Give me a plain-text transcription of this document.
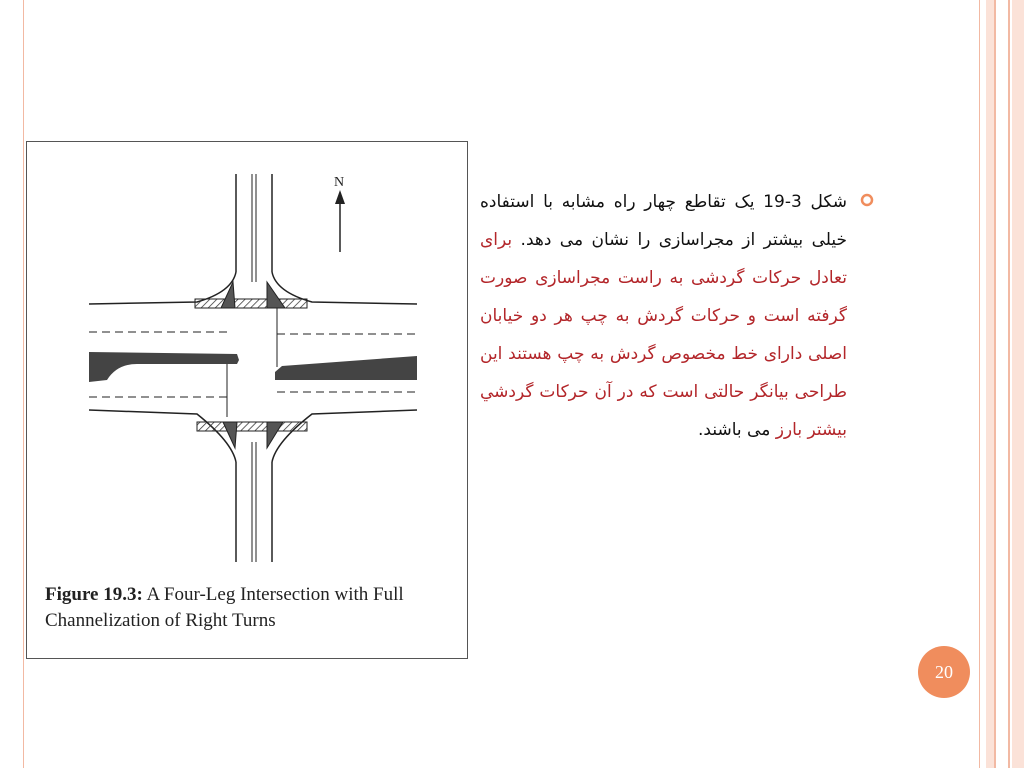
N
Figure 19.3: A Four-Leg Intersection with Full Channelization of Right Turns
شکل 3-19 یک تقاطع چهار راه مشابه با استفاده خیلی بیشتر از مجراسازی را نشان می دهد. برای تعادل حرکات گردشی به راست مجراسازی صورت گرفته است و حرکات گردش به چپ هر دو خیابان اصلی دارای خط مخصوص گردش به چپ هستند این طراحی بیانگر حالتی است که در آن حرکات گردشي بیشتر بارز می باشند.
20
